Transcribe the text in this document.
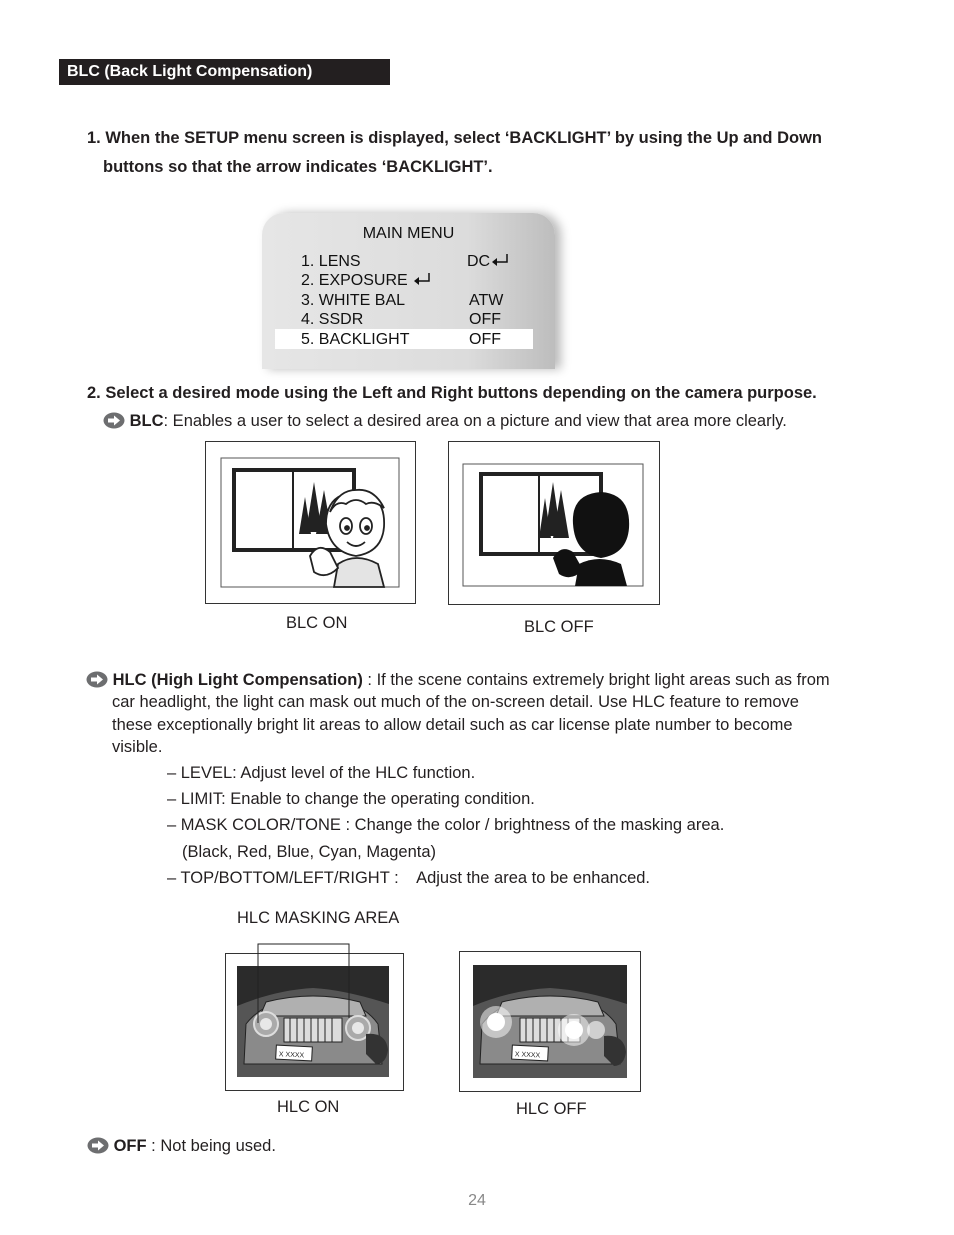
BLC (Back Light Compensation)
1. When the SETUP menu screen is displayed, select ‘BACKLIGHT’ by using the Up and Down
buttons so that the arrow indicates ‘BACKLIGHT’.
MAIN MENU
1. LENS	DC
2. EXPOSURE
3. WHITE BAL	ATW
4. SSDR	OFF
5. BACKLIGHT	OFF
2. Select a desired mode using the Left and Right buttons depending on the camera purpose.
BLC: Enables a user to select a desired area on a picture and view that area more clearly.
BLC ON	BLC OFF
HLC (High Light Compensation) : If the scene contains extremely bright light areas such as from
car headlight, the light can mask out much of the on-screen detail. Use HLC feature to remove
these exceptionally bright lit areas to allow detail such as car license plate number to become
visible.
– LEVEL: Adjust level of the HLC function.
– LIMIT: Enable to change the operating condition.
– MASK COLOR/TONE : Change the color / brightness of the masking area.
(Black, Red, Blue, Cyan, Magenta)
– TOP/BOTTOM/LEFT/RIGHT :    Adjust the area to be enhanced.
HLC MASKING AREA
X XXXX	X XXXX
HLC ON	HLC OFF
OFF : Not being used.
24
